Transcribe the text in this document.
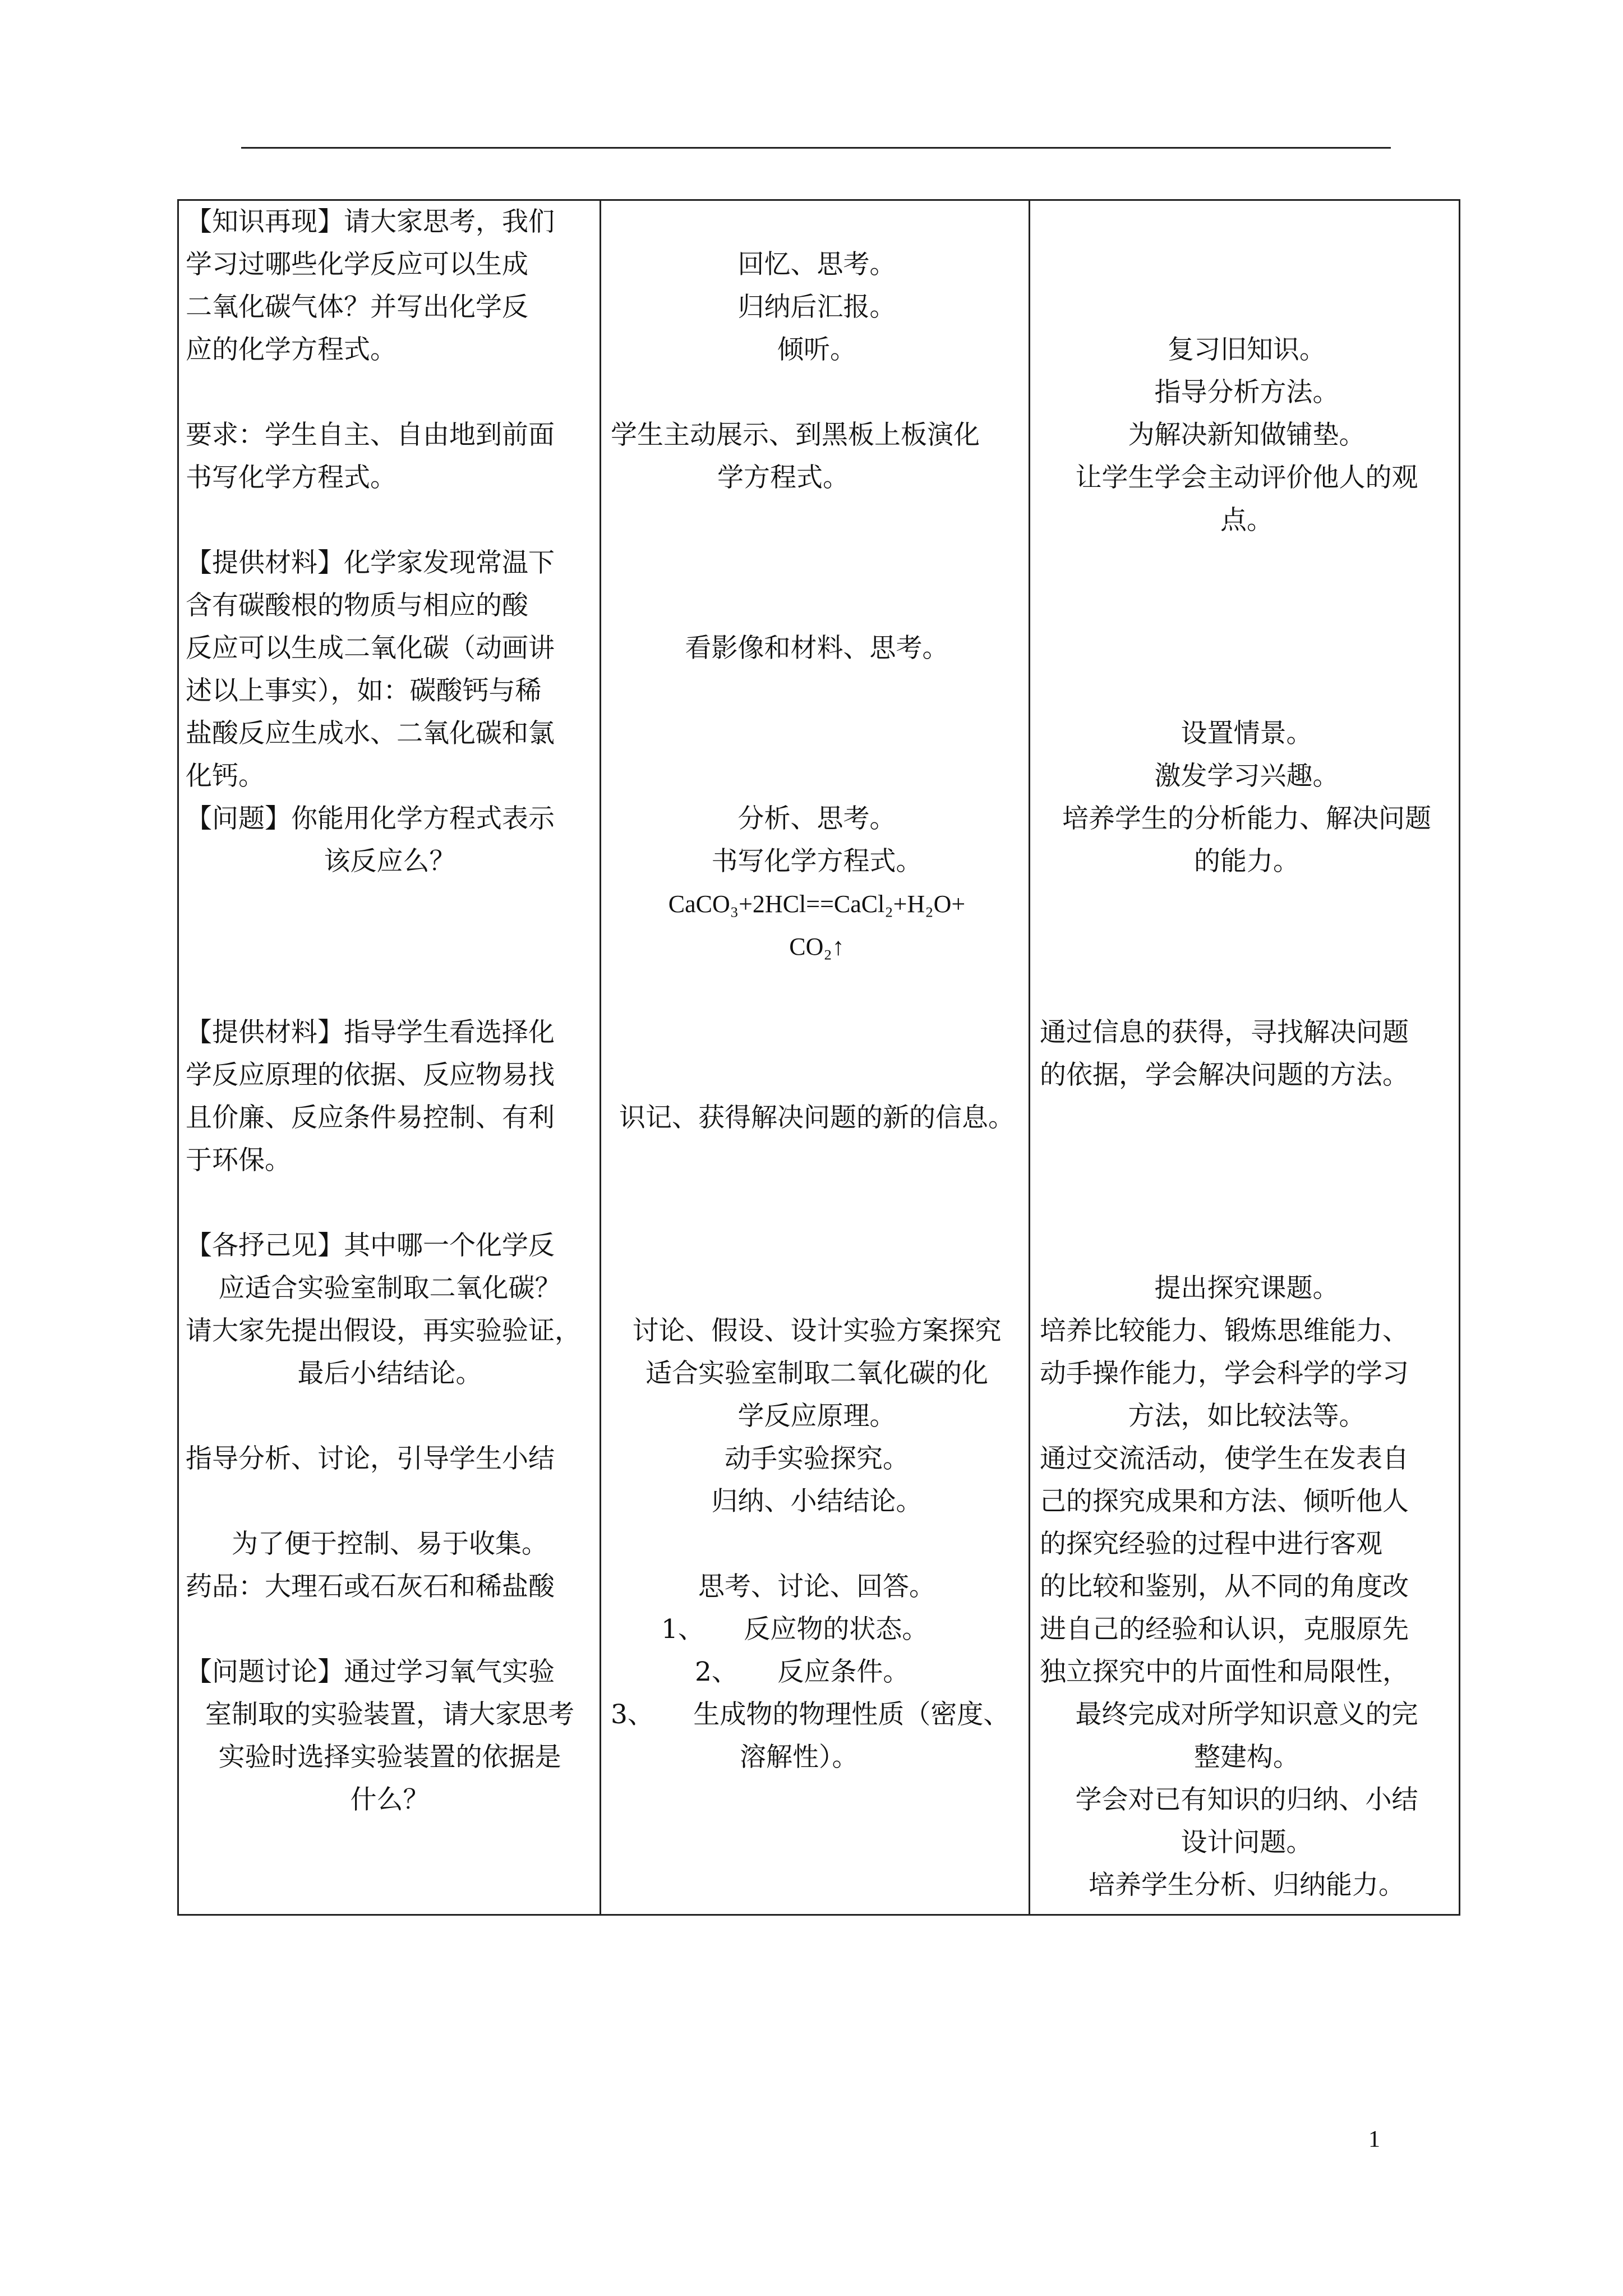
【知识再现】请大家思考，我们

学习过哪些化学反应可以生成

二氧化碳气体？并写出化学反

应的化学方程式。

要求：学生自主、自由地到前面

书写化学方程式。

【提供材料】化学家发现常温下

含有碳酸根的物质与相应的酸

反应可以生成二氧化碳（动画讲

述以上事实），如：碳酸钙与稀

盐酸反应生成水、二氧化碳和氯

化钙。

【问题】你能用化学方程式表示

该反应么？

【提供材料】指导学生看选择化

学反应原理的依据、反应物易找

且价廉、反应条件易控制、有利

于环保。

【各抒己见】其中哪一个化学反

应适合实验室制取二氧化碳？

请大家先提出假设，再实验验证，

最后小结结论。

指导分析、讨论，引导学生小结

为了便于控制、易于收集。

药品：大理石或石灰石和稀盐酸

【问题讨论】通过学习氧气实验

室制取的实验装置，请大家思考

实验时选择实验装置的依据是

什么？

回忆、思考。

归纳后汇报。

倾听。

学生主动展示、到黑板上板演化

学方程式。

看影像和材料、思考。

分析、思考。

书写化学方程式。

CaCO₃+2HCl==CaCl₂+H₂O+

CO₂↑

识记、获得解决问题的新的信息。

讨论、假设、设计实验方案探究

适合实验室制取二氧化碳的化

学反应原理。

动手实验探究。

归纳、小结结论。

思考、讨论、回答。

1、　　反应物的状态。

2、　　反应条件。

3、　　生成物的物理性质（密度、

溶解性）。

复习旧知识。

指导分析方法。

为解决新知做铺垫。

让学生学会主动评价他人的观

点。

设置情景。

激发学习兴趣。

培养学生的分析能力、解决问题

的能力。

通过信息的获得，寻找解决问题

的依据，学会解决问题的方法。

提出探究课题。

培养比较能力、锻炼思维能力、

动手操作能力，学会科学的学习

方法，如比较法等。

通过交流活动，使学生在发表自

己的探究成果和方法、倾听他人

的探究经验的过程中进行客观

的比较和鉴别，从不同的角度改

进自己的经验和认识，克服原先

独立探究中的片面性和局限性，

最终完成对所学知识意义的完

整建构。

学会对已有知识的归纳、小结

设计问题。

培养学生分析、归纳能力。

1
